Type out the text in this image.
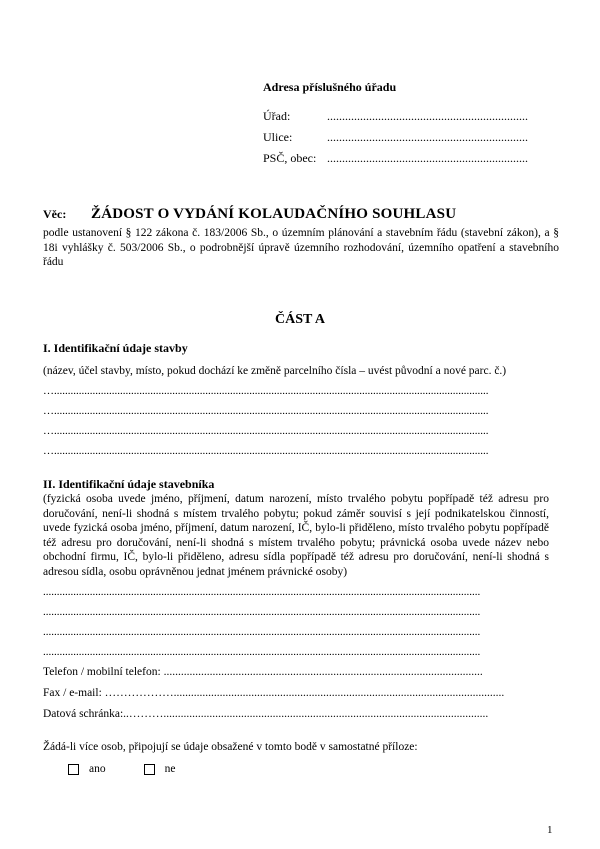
Adresa příslušného úřadu
Úřad:	...................................................................
Ulice:	...................................................................
PSČ, obec: ...................................................................
Věc:	ŽÁDOST O VYDÁNÍ KOLAUDAČNÍHO SOUHLASU
podle ustanovení § 122 zákona č. 183/2006 Sb., o územním plánování a stavebním řádu (stavební zákon), a § 18i vyhlášky č. 503/2006 Sb., o podrobnější úpravě územního rozhodování, územního opatření a stavebního řádu
ČÁST A
I. Identifikační údaje stavby
(název, účel stavby, místo, pokud dochází ke změně parcelního čísla – uvést původní a nové parc. č.)
…..............................................................................................................................................................
…..............................................................................................................................................................
…..............................................................................................................................................................
…..............................................................................................................................................................
II. Identifikační údaje stavebníka
(fyzická osoba uvede jméno, příjmení, datum narození, místo trvalého pobytu popřípadě též adresu pro doručování, není-li shodná s místem trvalého pobytu; pokud záměr souvisí s její podnikatelskou činností, uvede fyzická osoba jméno, příjmení, datum narození, IČ, bylo-li přiděleno, místo trvalého pobytu popřípadě též adresu pro doručování, není-li shodná s místem trvalého pobytu; právnická osoba uvede název nebo obchodní firmu, IČ, bylo-li přiděleno, adresu sídla popřípadě též adresu pro doručování, není-li shodná s adresou sídla, osobu oprávněnou jednat jménem právnické osoby)
...............................................................................................................................................................
...............................................................................................................................................................
...............................................................................................................................................................
...............................................................................................................................................................
Telefon / mobilní telefon:
...............................................................................................................
Fax / e-mail:
………………...................................................................................................................
Datová schránka: ..……….................................................................................................................
Žádá-li více osob, připojují se údaje obsažené v tomto bodě v samostatné příloze:
ano	ne
1
